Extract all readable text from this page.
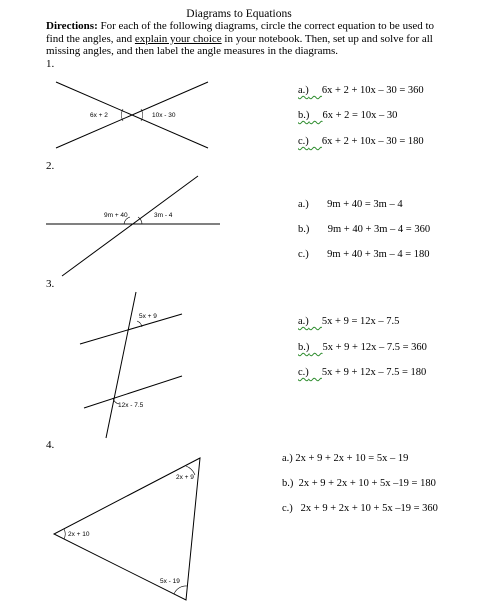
Diagrams to Equations
Directions: For each of the following diagrams, circle the correct equation to be used to find the angles, and explain your choice in your notebook. Then, set up and solve for all missing angles, and then label the angle measures in the diagrams.
1.
6x + 2	10x - 30
a.) 6x + 2 + 10x – 30 = 360
b.) 6x + 2 = 10x – 30
c.) 6x + 2 + 10x – 30 = 180
2.
9m + 40	3m - 4
a.) 9m + 40 = 3m – 4
b.) 9m + 40 + 3m – 4 = 360
c.) 9m + 40 + 3m – 4 = 180
3.
5x + 9
12x - 7.5
a.) 5x + 9 = 12x – 7.5
b.) 5x + 9 + 12x – 7.5 = 360
c.) 5x + 9 + 12x – 7.5 = 180
4.
2x + 9
2x + 10
5x - 19
a.) 2x + 9 + 2x + 10 = 5x – 19
b.) 2x + 9 + 2x + 10 + 5x –19 = 180
c.) 2x + 9 + 2x + 10 + 5x –19 = 360
